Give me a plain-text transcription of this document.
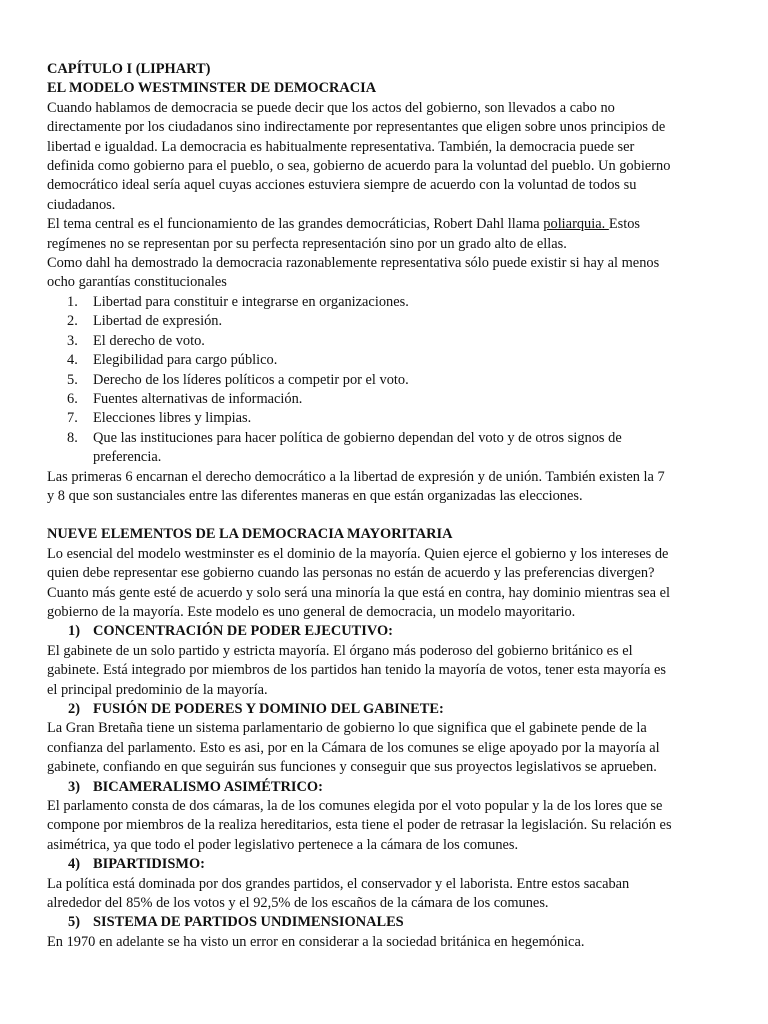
CAPÍTULO I (LIPHART)
EL MODELO WESTMINSTER DE DEMOCRACIA
Cuando hablamos de democracia se puede decir que los actos del gobierno, son llevados a cabo no
directamente por los ciudadanos sino indirectamente por representantes que eligen sobre unos principios de
libertad e igualdad. La democracia es habitualmente representativa. También, la democracia puede ser
definida como gobierno para el pueblo, o sea, gobierno de acuerdo para la voluntad del pueblo. Un gobierno
democrático ideal sería aquel cuyas acciones estuviera siempre de acuerdo con la voluntad de todos su
ciudadanos.
El tema central es el funcionamiento de las grandes democráticias, Robert Dahl llama poliarquia. Estos
regímenes no se representan por su perfecta representación sino por un grado alto de ellas.
Como dahl ha demostrado la democracia razonablemente representativa sólo puede existir si hay al menos
ocho garantías constitucionales
1. Libertad para constituir e integrarse en organizaciones.
2. Libertad de expresión.
3. El derecho de voto.
4. Elegibilidad para cargo público.
5. Derecho de los líderes políticos a competir por el voto.
6. Fuentes alternativas de información.
7. Elecciones libres y limpias.
8. Que las instituciones para hacer política de gobierno dependan del voto y de otros signos de
preferencia.
Las primeras 6 encarnan el derecho democrático a la libertad de expresión y de unión. También existen la 7
y 8 que son sustanciales entre las diferentes maneras en que están organizadas las elecciones.
NUEVE ELEMENTOS DE LA DEMOCRACIA MAYORITARIA
Lo esencial del modelo westminster es el dominio de la mayoría. Quien ejerce el gobierno y los intereses de
quien debe representar ese gobierno cuando las personas no están de acuerdo y las preferencias divergen?
Cuanto más gente esté de acuerdo y solo será una minoría la que está en contra, hay dominio mientras sea el
gobierno de la mayoría. Este modelo es uno general de democracia, un modelo mayoritario.
1) CONCENTRACIÓN DE PODER EJECUTIVO:
El gabinete de un solo partido y estricta mayoría. El órgano más poderoso del gobierno británico es el
gabinete. Está integrado por miembros de los partidos han tenido la mayoría de votos, tener esta mayoría es
el principal predominio de la mayoría.
2) FUSIÓN DE PODERES Y DOMINIO DEL GABINETE:
La Gran Bretaña tiene un sistema parlamentario de gobierno lo que significa que el gabinete pende de la
confianza del parlamento. Esto es asi, por en la Cámara de los comunes se elige apoyado por la mayoría al
gabinete, confiando en que seguirán sus funciones y conseguir que sus proyectos legislativos se aprueben.
3) BICAMERALISMO ASIMÉTRICO:
El parlamento consta de dos cámaras, la de los comunes elegida por el voto popular y la de los lores que se
compone por miembros de la realiza hereditarios, esta tiene el poder de retrasar la legislación. Su relación es
asimétrica, ya que todo el poder legislativo pertenece a la cámara de los comunes.
4) BIPARTIDISMO:
La política está dominada por dos grandes partidos, el conservador y el laborista. Entre estos sacaban
alrededor del 85% de los votos y el 92,5% de los escaños de la cámara de los comunes.
5) SISTEMA DE PARTIDOS UNDIMENSIONALES
En 1970 en adelante se ha visto un error en considerar a la sociedad británica en hegemónica.
